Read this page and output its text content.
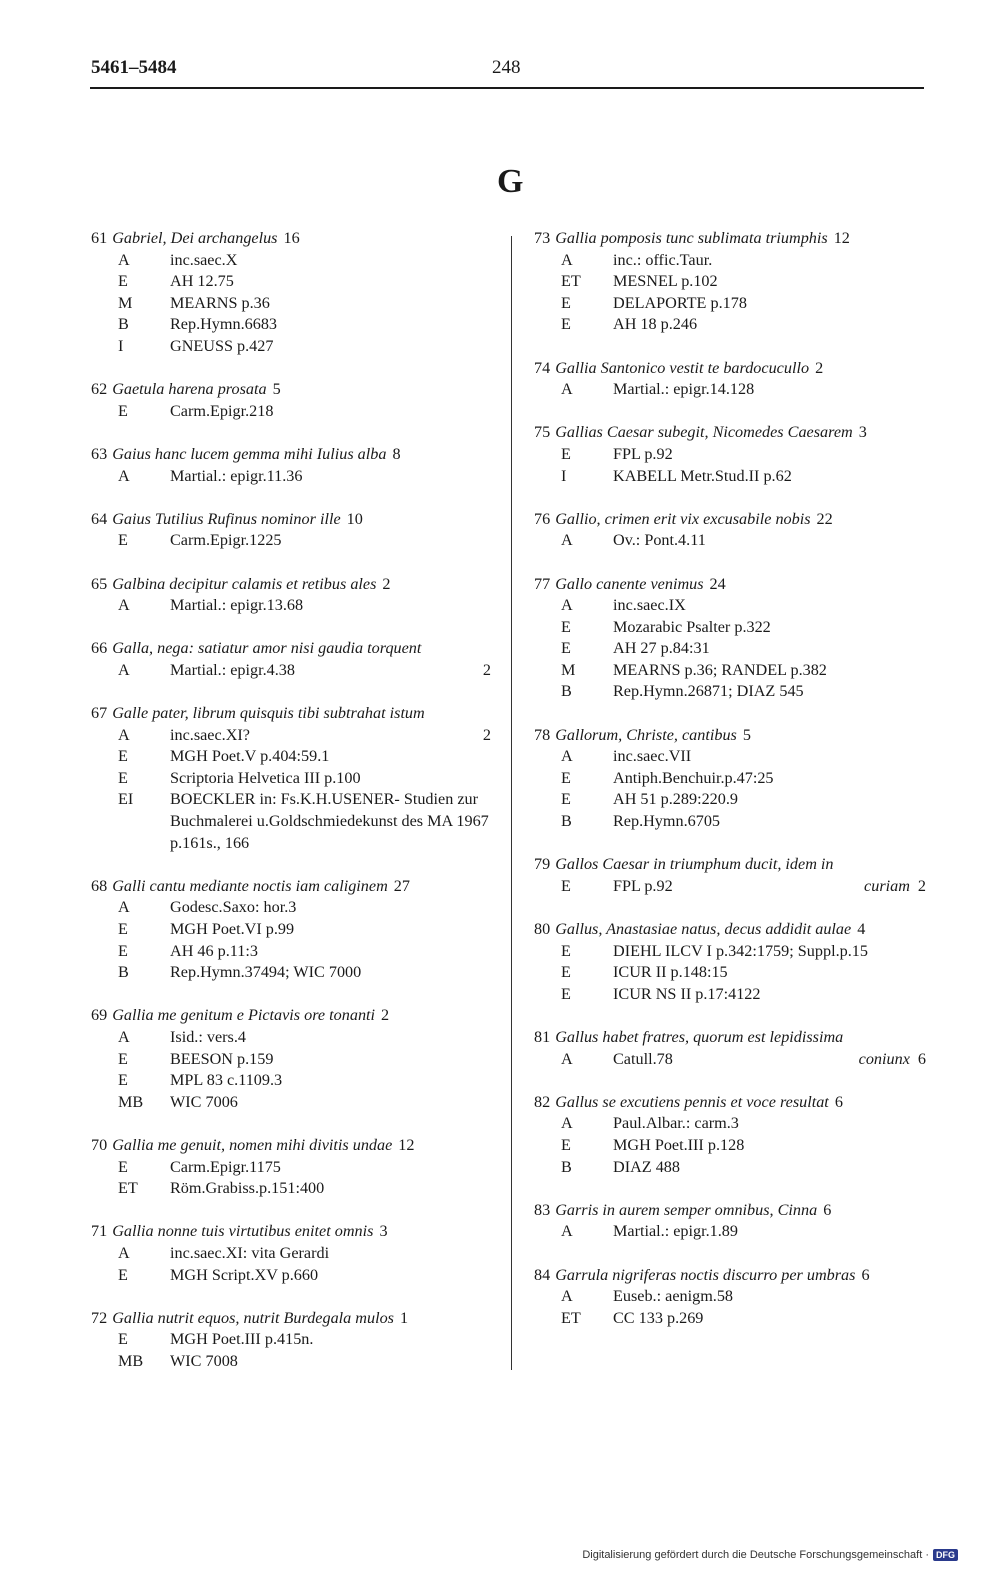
5461–5484	248
G
61 Gabriel, Dei archangelus 16
A	inc.saec.X
E	AH 12.75
M	MEARNS p.36
B	Rep.Hymn.6683
I	GNEUSS p.427
62 Gaetula harena prosata 5
E	Carm.Epigr.218
63 Gaius hanc lucem gemma mihi Iulius alba 8
A	Martial.: epigr.11.36
64 Gaius Tutilius Rufinus nominor ille 10
E	Carm.Epigr.1225
65 Galbina decipitur calamis et retibus ales 2
A	Martial.: epigr.13.68
66 Galla, nega: satiatur amor nisi gaudia torquent
A	Martial.: epigr.4.38	2
67 Galle pater, librum quisquis tibi subtrahat istum
A	inc.saec.XI?	2
E	MGH Poet.V p.404:59.1
E	Scriptoria Helvetica III p.100
EI	BOECKLER in: Fs.K.H.USENER- Studien zur Buchmalerei u.Goldschmiedekunst des MA 1967 p.161s., 166
68 Galli cantu mediante noctis iam caliginem 27
A	Godesc.Saxo: hor.3
E	MGH Poet.VI p.99
E	AH 46 p.11:3
B	Rep.Hymn.37494; WIC 7000
69 Gallia me genitum e Pictavis ore tonanti 2
A	Isid.: vers.4
E	BEESON p.159
E	MPL 83 c.1109.3
MB	WIC 7006
70 Gallia me genuit, nomen mihi divitis undae 12
E	Carm.Epigr.1175
ET	Röm.Grabiss.p.151:400
71 Gallia nonne tuis virtutibus enitet omnis 3
A	inc.saec.XI: vita Gerardi
E	MGH Script.XV p.660
72 Gallia nutrit equos, nutrit Burdegala mulos 1
E	MGH Poet.III p.415n.
MB	WIC 7008
73 Gallia pomposis tunc sublimata triumphis 12
A	inc.: offic.Taur.
ET	MESNEL p.102
E	DELAPORTE p.178
E	AH 18 p.246
74 Gallia Santonico vestit te bardocucullo 2
A	Martial.: epigr.14.128
75 Gallias Caesar subegit, Nicomedes Caesarem 3
E	FPL p.92
I	KABELL Metr.Stud.II p.62
76 Gallio, crimen erit vix excusabile nobis 22
A	Ov.: Pont.4.11
77 Gallo canente venimus 24
A	inc.saec.IX
E	Mozarabic Psalter p.322
E	AH 27 p.84:31
M	MEARNS p.36; RANDEL p.382
B	Rep.Hymn.26871; DIAZ 545
78 Gallorum, Christe, cantibus 5
A	inc.saec.VII
E	Antiph.Benchuir.p.47:25
E	AH 51 p.289:220.9
B	Rep.Hymn.6705
79 Gallos Caesar in triumphum ducit, idem in
E	FPL p.92	curiam 2
80 Gallus, Anastasiae natus, decus addidit aulae 4
E	DIEHL ILCV I p.342:1759; Suppl.p.15
E	ICUR II p.148:15
E	ICUR NS II p.17:4122
81 Gallus habet fratres, quorum est lepidissima
A	Catull.78	coniunx 6
82 Gallus se excutiens pennis et voce resultat 6
A	Paul.Albar.: carm.3
E	MGH Poet.III p.128
B	DIAZ 488
83 Garris in aurem semper omnibus, Cinna 6
A	Martial.: epigr.1.89
84 Garrula nigriferas noctis discurro per umbras 6
A	Euseb.: aenigm.58
ET	CC 133 p.269
Digitalisierung gefördert durch die Deutsche Forschungsgemeinschaft · DFG
